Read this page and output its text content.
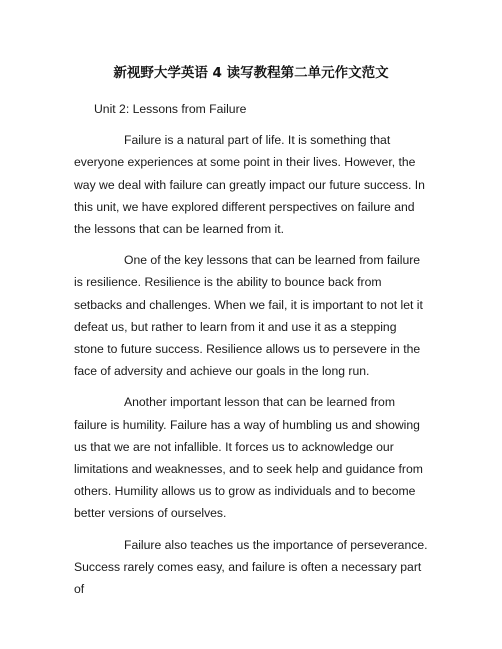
新视野大学英语 4 读写教程第二单元作文范文

Unit 2: Lessons from Failure

Failure is a natural part of life. It is something that everyone experiences at some point in their lives. However, the way we deal with failure can greatly impact our future success. In this unit, we have explored different perspectives on failure and the lessons that can be learned from it.

One of the key lessons that can be learned from failure is resilience. Resilience is the ability to bounce back from setbacks and challenges. When we fail, it is important to not let it defeat us, but rather to learn from it and use it as a stepping stone to future success. Resilience allows us to persevere in the face of adversity and achieve our goals in the long run.

Another important lesson that can be learned from failure is humility. Failure has a way of humbling us and showing us that we are not infallible. It forces us to acknowledge our limitations and weaknesses, and to seek help and guidance from others. Humility allows us to grow as individuals and to become better versions of ourselves.

Failure also teaches us the importance of perseverance. Success rarely comes easy, and failure is often a necessary part of
